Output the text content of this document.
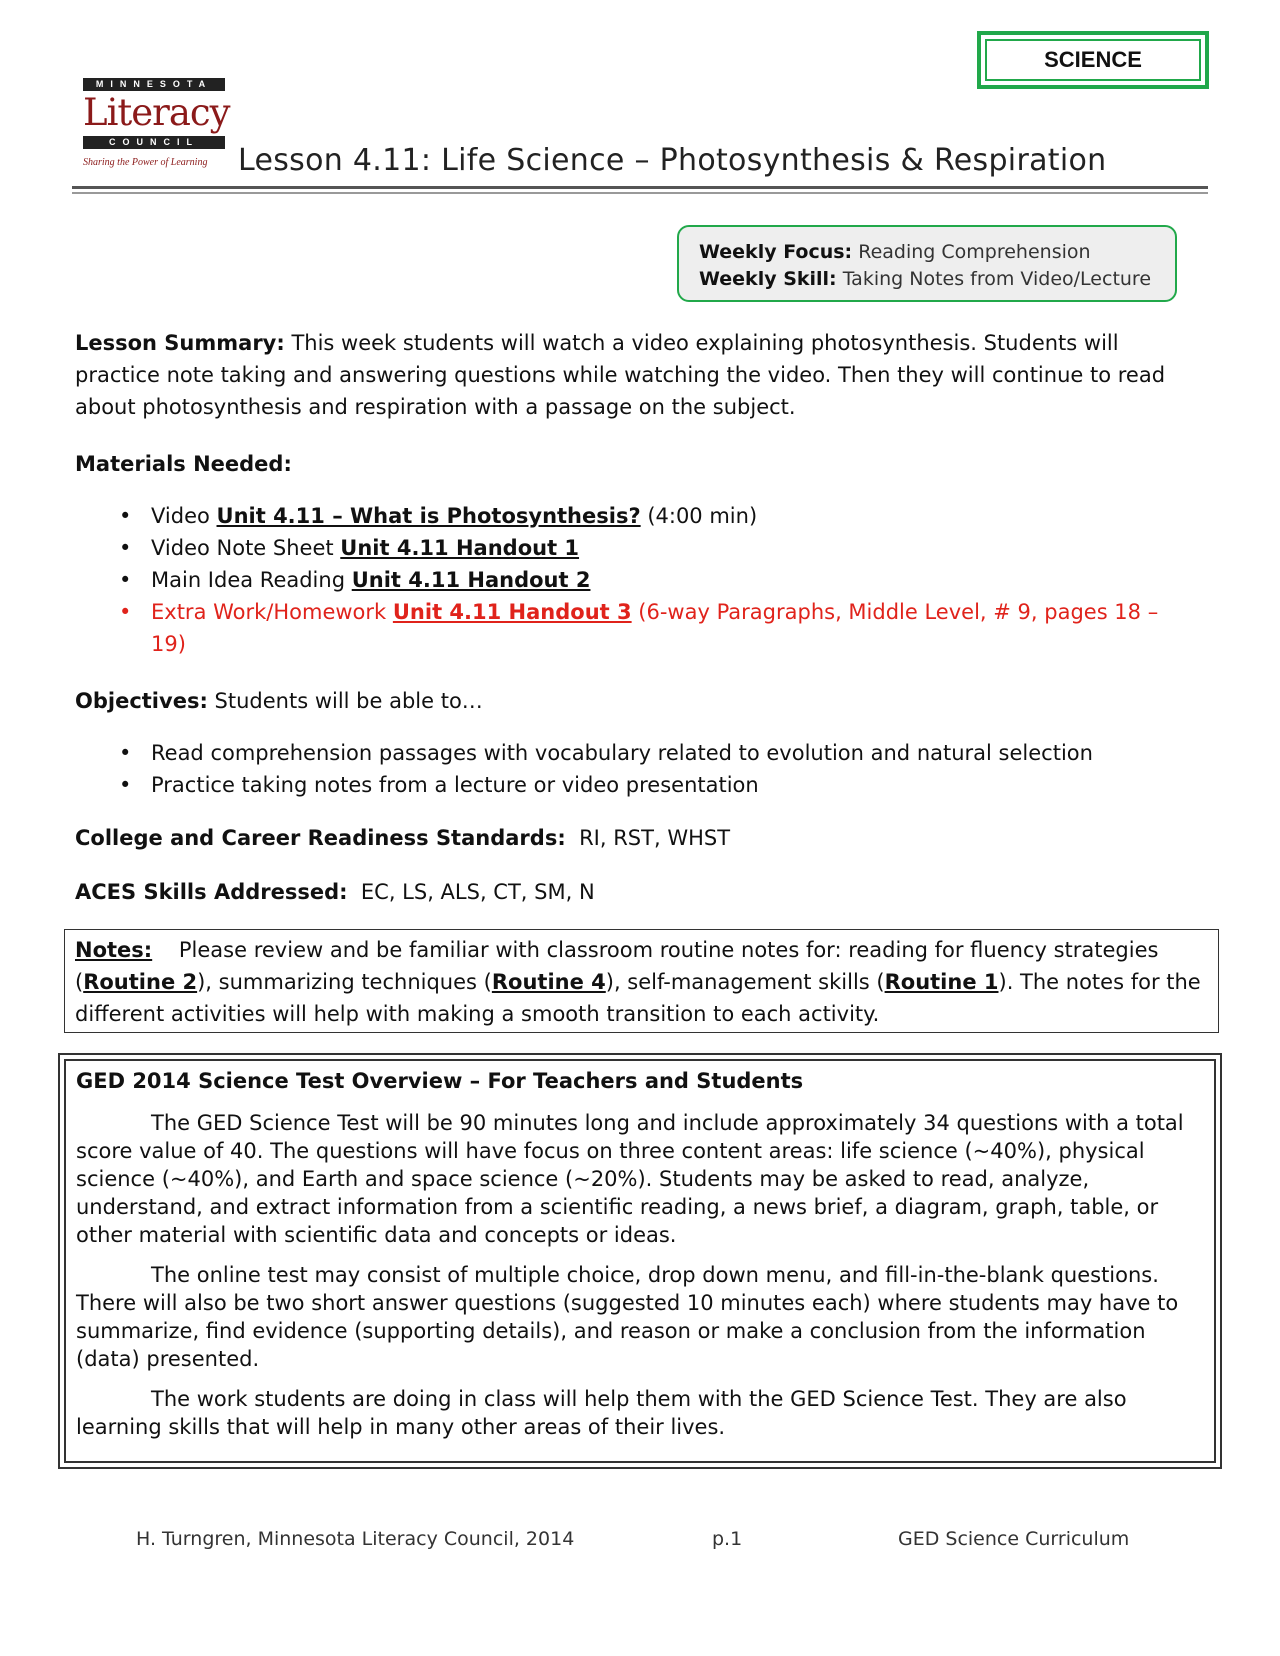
SCIENCE
MINNESOTA
Literacy
COUNCIL
Sharing the Power of Learning	Lesson 4.11: Life Science – Photosynthesis & Respiration
Weekly Focus: Reading Comprehension
Weekly Skill: Taking Notes from Video/Lecture
Lesson Summary: This week students will watch a video explaining photosynthesis. Students will practice note taking and answering questions while watching the video. Then they will continue to read about photosynthesis and respiration with a passage on the subject.
Materials Needed:
• Video Unit 4.11 – What is Photosynthesis? (4:00 min)
• Video Note Sheet Unit 4.11 Handout 1
• Main Idea Reading Unit 4.11 Handout 2
• Extra Work/Homework Unit 4.11 Handout 3 (6-way Paragraphs, Middle Level, # 9, pages 18 – 19)
Objectives: Students will be able to…
• Read comprehension passages with vocabulary related to evolution and natural selection
• Practice taking notes from a lecture or video presentation
College and Career Readiness Standards: RI, RST, WHST
ACES Skills Addressed: EC, LS, ALS, CT, SM, N
Notes: Please review and be familiar with classroom routine notes for: reading for fluency strategies (Routine 2), summarizing techniques (Routine 4), self-management skills (Routine 1). The notes for the different activities will help with making a smooth transition to each activity.
GED 2014 Science Test Overview – For Teachers and Students

The GED Science Test will be 90 minutes long and include approximately 34 questions with a total score value of 40. The questions will have focus on three content areas: life science (~40%), physical science (~40%), and Earth and space science (~20%). Students may be asked to read, analyze, understand, and extract information from a scientific reading, a news brief, a diagram, graph, table, or other material with scientific data and concepts or ideas.

The online test may consist of multiple choice, drop down menu, and fill-in-the-blank questions. There will also be two short answer questions (suggested 10 minutes each) where students may have to summarize, find evidence (supporting details), and reason or make a conclusion from the information (data) presented.

The work students are doing in class will help them with the GED Science Test. They are also learning skills that will help in many other areas of their lives.

H. Turngren, Minnesota Literacy Council, 2014	p.1	GED Science Curriculum
